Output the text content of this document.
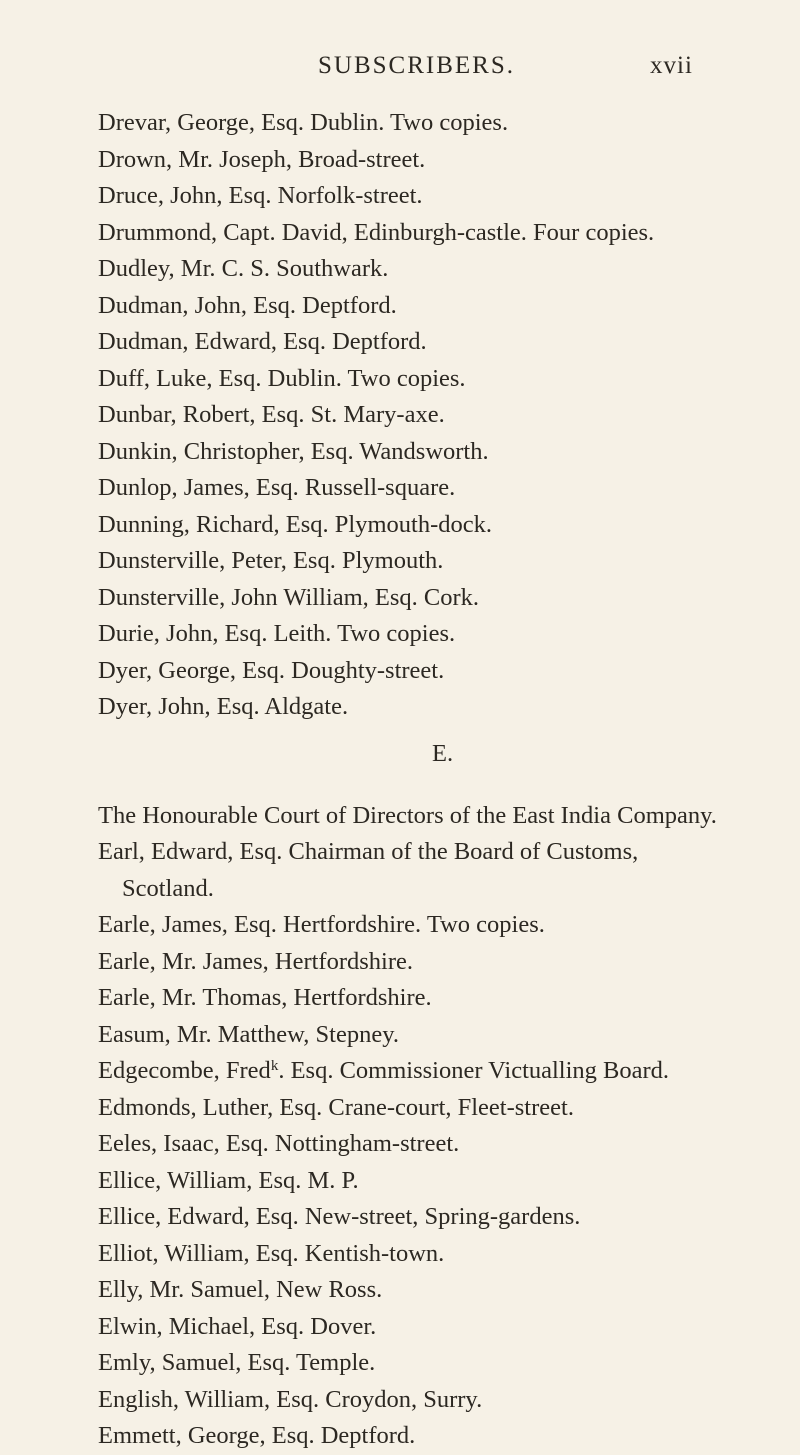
SUBSCRIBERS.	xvii
Drevar, George, Esq. Dublin. Two copies.
Drown, Mr. Joseph, Broad-street.
Druce, John, Esq. Norfolk-street.
Drummond, Capt. David, Edinburgh-castle. Four copies.
Dudley, Mr. C. S. Southwark.
Dudman, John, Esq. Deptford.
Dudman, Edward, Esq. Deptford.
Duff, Luke, Esq. Dublin. Two copies.
Dunbar, Robert, Esq. St. Mary-axe.
Dunkin, Christopher, Esq. Wandsworth.
Dunlop, James, Esq. Russell-square.
Dunning, Richard, Esq. Plymouth-dock.
Dunsterville, Peter, Esq. Plymouth.
Dunsterville, John William, Esq. Cork.
Durie, John, Esq. Leith. Two copies.
Dyer, George, Esq. Doughty-street.
Dyer, John, Esq. Aldgate.
E.
The Honourable Court of Directors of the East India Company.
Earl, Edward, Esq. Chairman of the Board of Customs,
Scotland.
Earle, James, Esq. Hertfordshire. Two copies.
Earle, Mr. James, Hertfordshire.
Earle, Mr. Thomas, Hertfordshire.
Easum, Mr. Matthew, Stepney.
Edgecombe, Fred$^k$. Esq. Commissioner Victualling Board.
Edmonds, Luther, Esq. Crane-court, Fleet-street.
Eeles, Isaac, Esq. Nottingham-street.
Ellice, William, Esq. M. P.
Ellice, Edward, Esq. New-street, Spring-gardens.
Elliot, William, Esq. Kentish-town.
Elly, Mr. Samuel, New Ross.
Elwin, Michael, Esq. Dover.
Emly, Samuel, Esq. Temple.
English, William, Esq. Croydon, Surry.
Emmett, George, Esq. Deptford.
